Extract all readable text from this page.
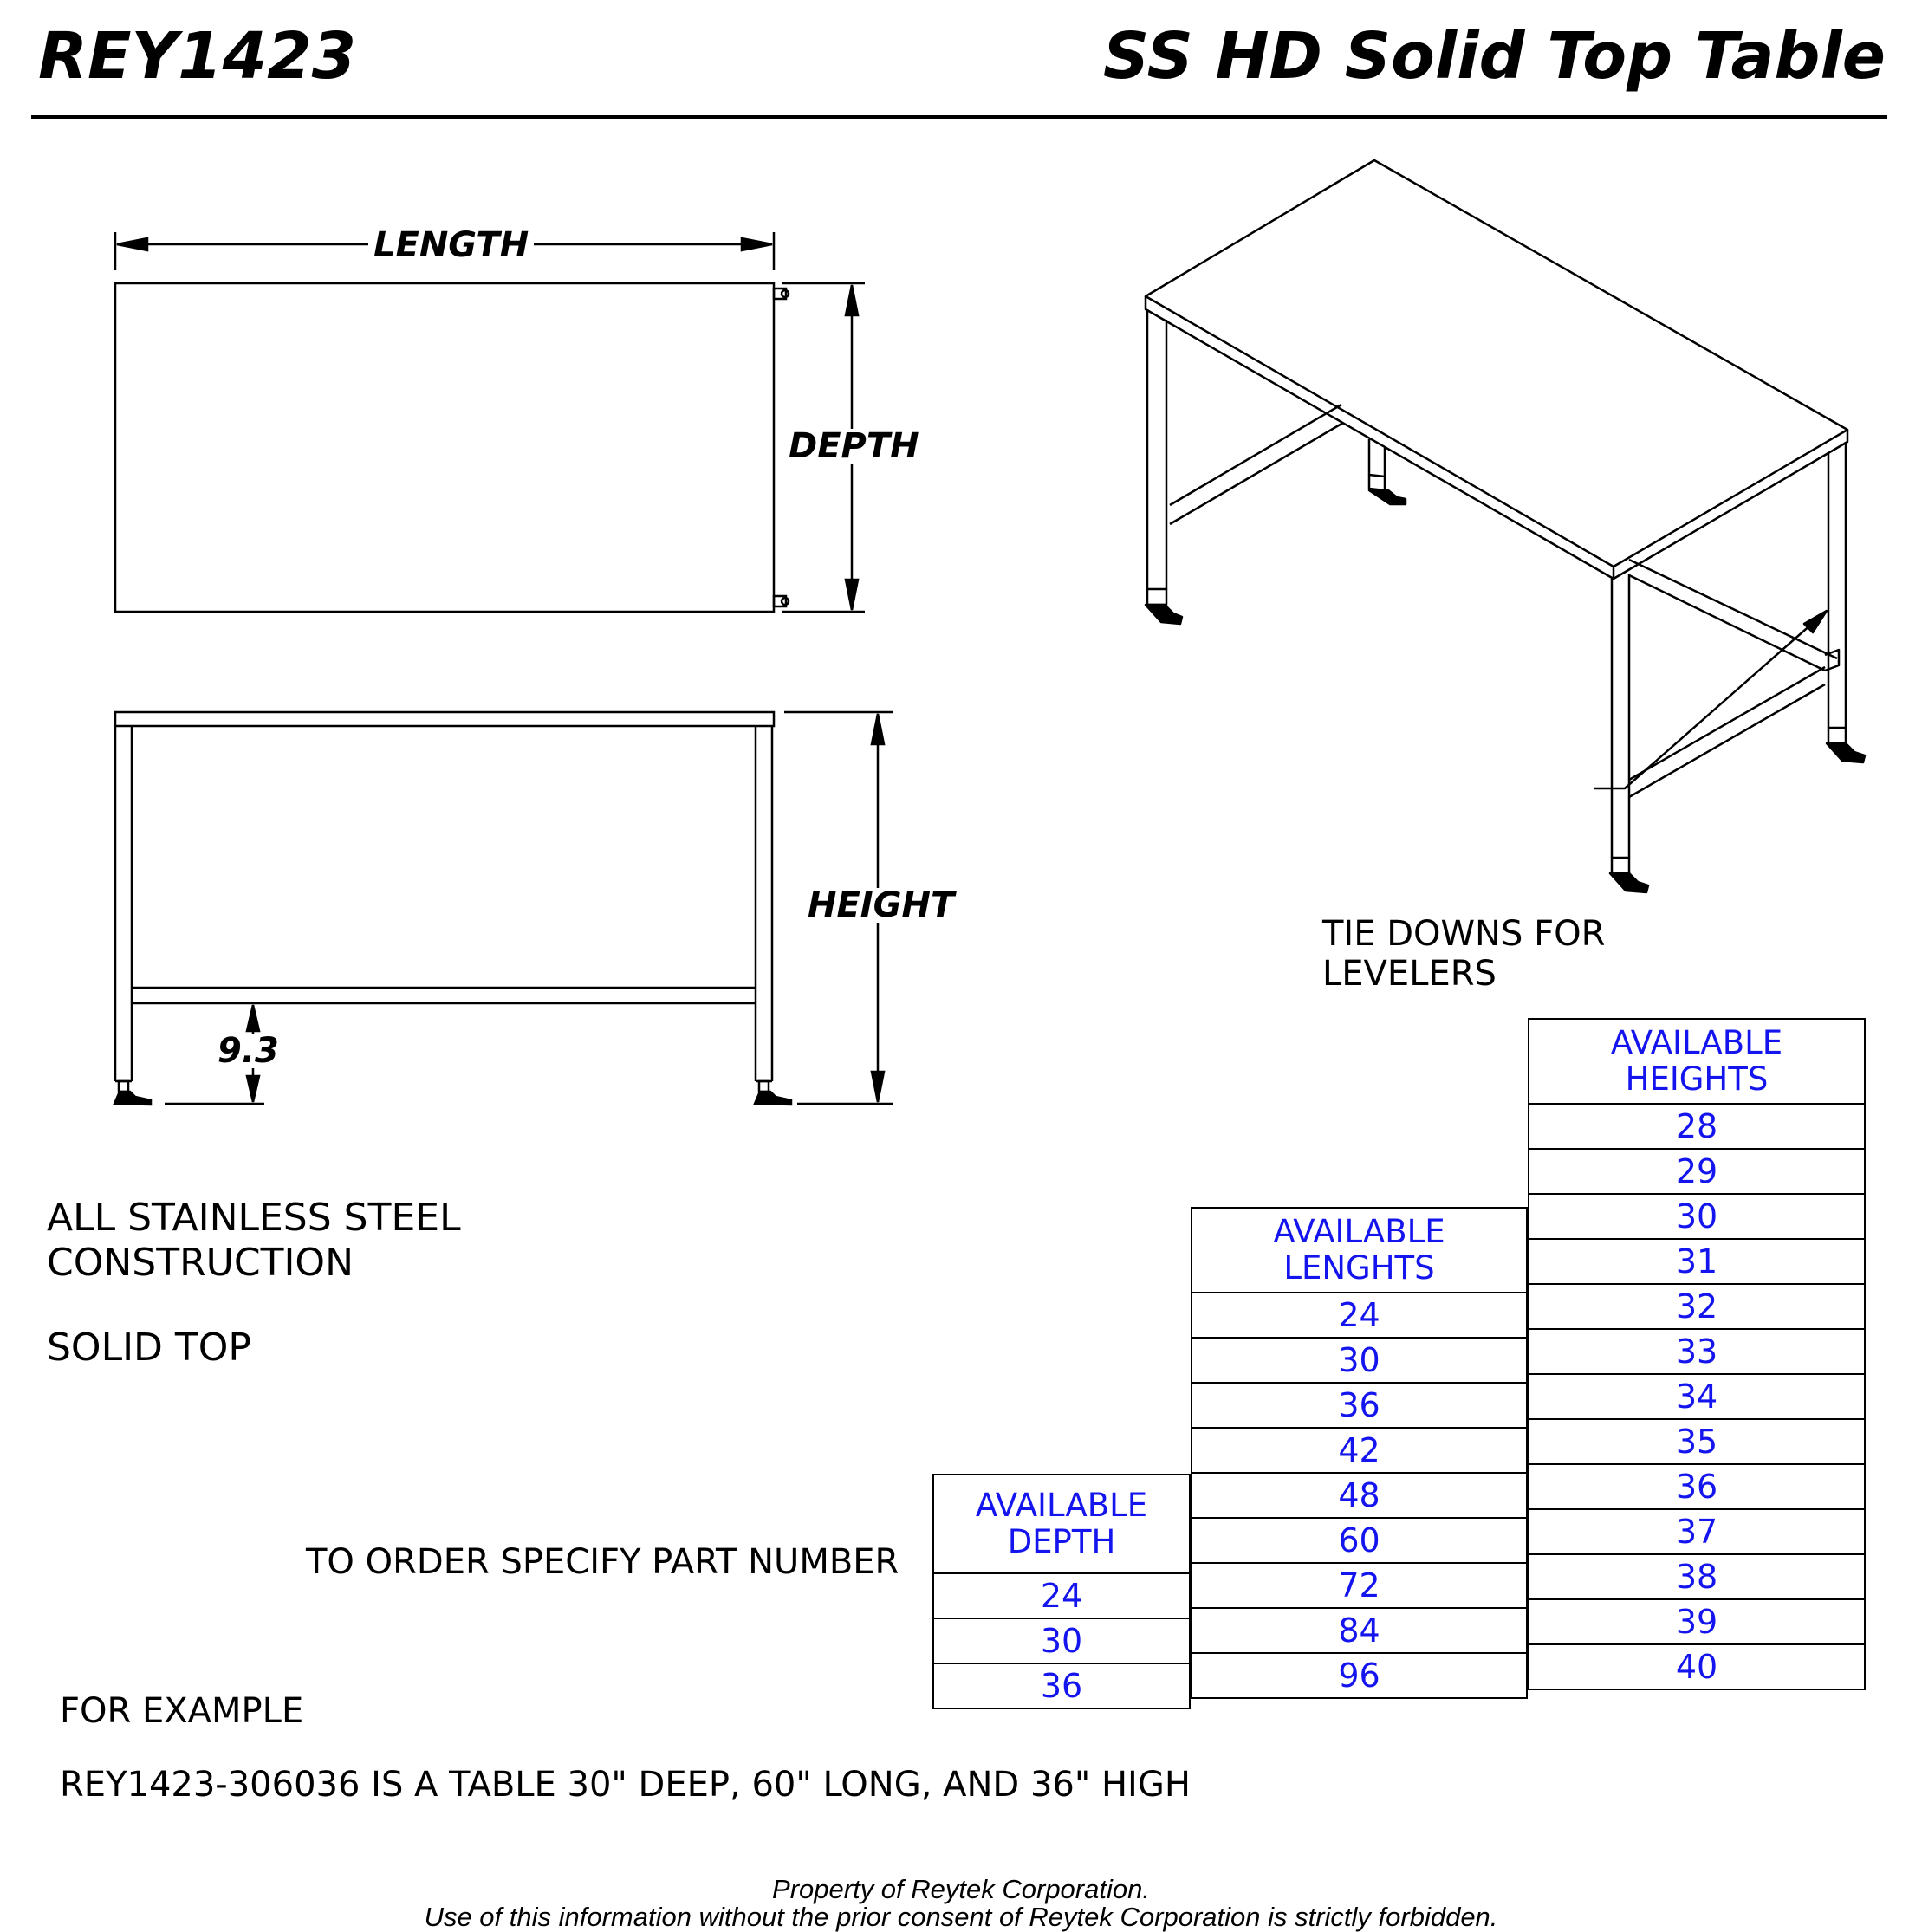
REY1423	SS HD Solid Top Table
LENGTH
DEPTH
HEIGHT
9.3
TIE DOWNS FOR
LEVELERS
ALL STAINLESS STEEL
CONSTRUCTION
SOLID TOP
TO ORDER SPECIFY PART NUMBER
FOR EXAMPLE
REY1423-306036 IS A TABLE 30" DEEP, 60" LONG, AND 36" HIGH
AVAILABLE
DEPTH
24
30
36
AVAILABLE
LENGHTS
24
30
36
42
48
60
72
84
96
AVAILABLE
HEIGHTS
28
29
30
31
32
33
34
35
36
37
38
39
40
Property of Reytek Corporation.
Use of this information without the prior consent of Reytek Corporation is strictly forbidden.
